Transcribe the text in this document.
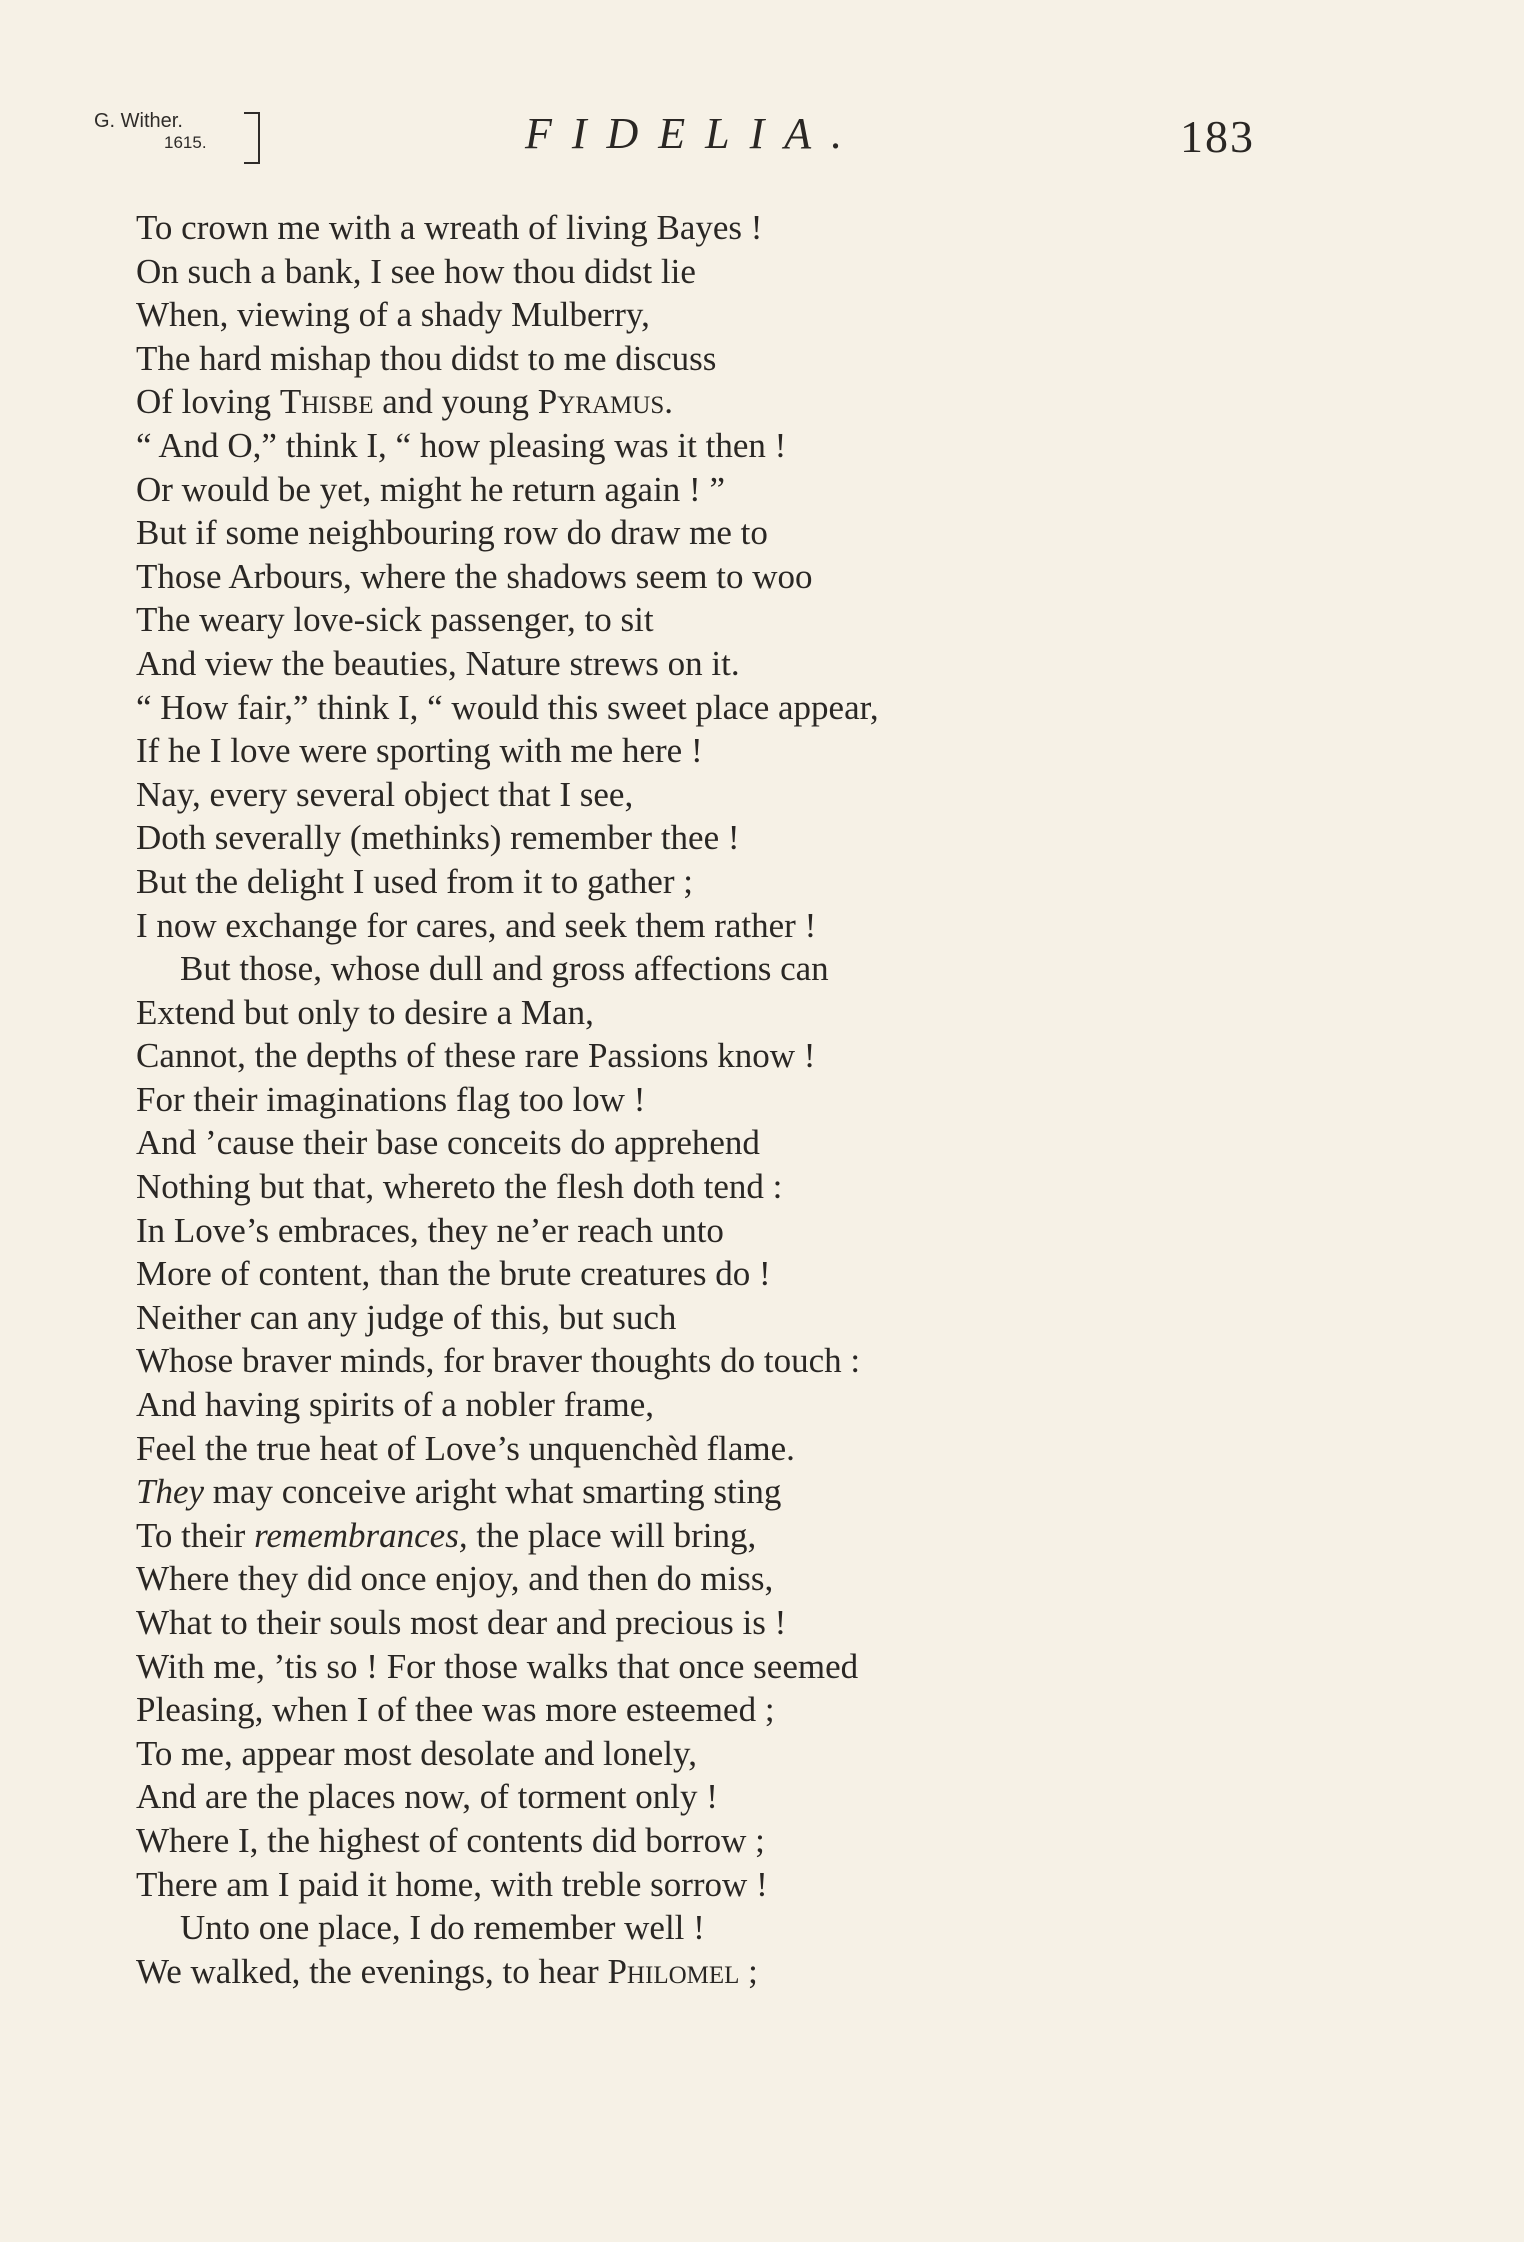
G. Wither.
1615.	FIDELIA.	183
To crown me with a wreath of living Bayes !
On such a bank, I see how thou didst lie
When, viewing of a shady Mulberry,
The hard mishap thou didst to me discuss
Of loving Thisbe and young Pyramus.
“ And O,” think I, “ how pleasing was it then !
Or would be yet, might he return again ! ”
But if some neighbouring row do draw me to
Those Arbours, where the shadows seem to woo
The weary love-sick passenger, to sit
And view the beauties, Nature strews on it.
“ How fair,” think I, “ would this sweet place appear,
If he I love were sporting with me here !
Nay, every several object that I see,
Doth severally (methinks) remember thee !
But the delight I used from it to gather ;
I now exchange for cares, and seek them rather !
But those, whose dull and gross affections can
Extend but only to desire a Man,
Cannot, the depths of these rare Passions know !
For their imaginations flag too low !
And ’cause their base conceits do apprehend
Nothing but that, whereto the flesh doth tend :
In Love’s embraces, they ne’er reach unto
More of content, than the brute creatures do !
Neither can any judge of this, but such
Whose braver minds, for braver thoughts do touch :
And having spirits of a nobler frame,
Feel the true heat of Love’s unquenchèd flame.
They may conceive aright what smarting sting
To their remembrances, the place will bring,
Where they did once enjoy, and then do miss,
What to their souls most dear and precious is !
With me, ’tis so ! For those walks that once seemed
Pleasing, when I of thee was more esteemed ;
To me, appear most desolate and lonely,
And are the places now, of torment only !
Where I, the highest of contents did borrow ;
There am I paid it home, with treble sorrow !
Unto one place, I do remember well !
We walked, the evenings, to hear Philomel ;
